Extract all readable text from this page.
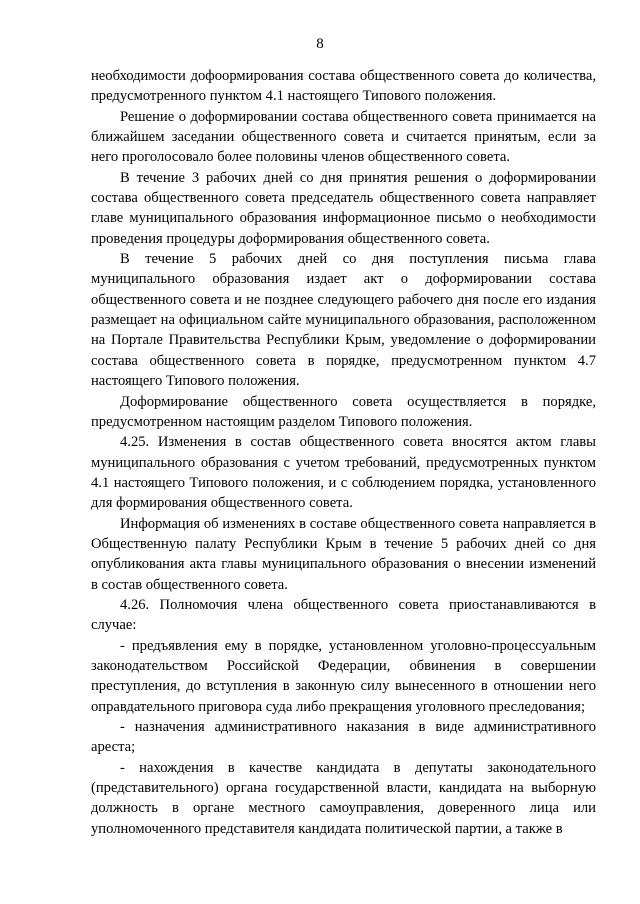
8

необходимости дофоормирования состава общественного совета до количества, предусмотренного пунктом 4.1 настоящего Типового положения.

Решение о доформировании состава общественного совета принимается на ближайшем заседании общественного совета и считается принятым, если за него проголосовало более половины членов общественного совета.

В течение 3 рабочих дней со дня принятия решения о доформировании состава общественного совета председатель общественного совета направляет главе муниципального образования информационное письмо о необходимости проведения процедуры доформирования общественного совета.

В течение 5 рабочих дней со дня поступления письма глава муниципального образования издает акт о доформировании состава общественного совета и не позднее следующего рабочего дня после его издания размещает на официальном сайте муниципального образования, расположенном на Портале Правительства Республики Крым, уведомление о доформировании состава общественного совета в порядке, предусмотренном пунктом 4.7 настоящего Типового положения.

Доформирование общественного совета осуществляется в порядке, предусмотренном настоящим разделом Типового положения.

4.25. Изменения в состав общественного совета вносятся актом главы муниципального образования с учетом требований, предусмотренных пунктом 4.1 настоящего Типового положения, и с соблюдением порядка, установленного для формирования общественного совета.

Информация об изменениях в составе общественного совета направляется в Общественную палату Республики Крым в течение 5 рабочих дней со дня опубликования акта главы муниципального образования о внесении изменений в состав общественного совета.

4.26. Полномочия члена общественного совета приостанавливаются в случае:

- предъявления ему в порядке, установленном уголовно-процессуальным законодательством Российской Федерации, обвинения в совершении преступления, до вступления в законную силу вынесенного в отношении него оправдательного приговора суда либо прекращения уголовного преследования;

- назначения административного наказания в виде административного ареста;

- нахождения в качестве кандидата в депутаты законодательного (представительного) органа государственной власти, кандидата на выборную должность в органе местного самоуправления, доверенного лица или уполномоченного представителя кандидата политической партии, а также в
